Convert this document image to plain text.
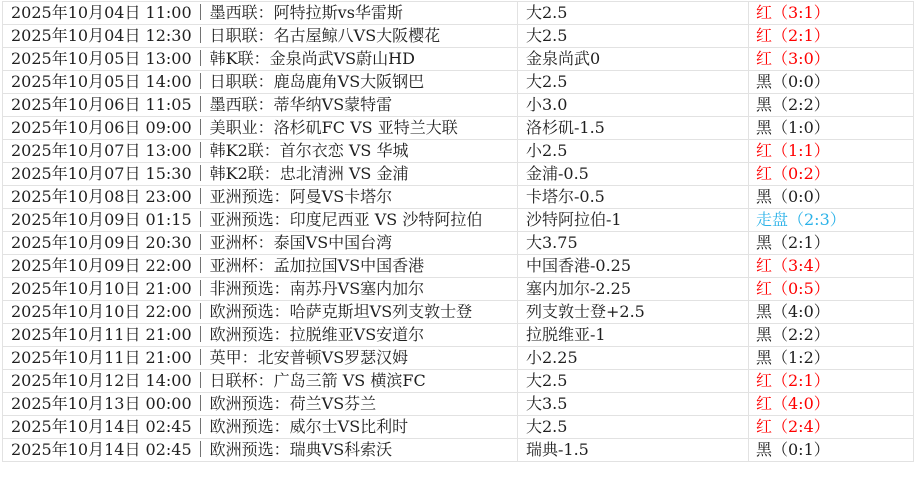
2025年10月04日 11:00｜墨西联：阿特拉斯vs华雷斯	大2.5	红（3:1）
2025年10月04日 12:30｜日职联：名古屋鲸八VS大阪樱花	大2.5	红（2:1）
2025年10月05日 13:00｜韩K联：金泉尚武VS蔚山HD	金泉尚武0	红（3:0）
2025年10月05日 14:00｜日职联：鹿岛鹿角VS大阪钢巴	大2.5	黑（0:0）
2025年10月06日 11:05｜墨西联：蒂华纳VS蒙特雷	小3.0	黑（2:2）
2025年10月06日 09:00｜美职业：洛杉矶FC VS 亚特兰大联	洛杉矶-1.5	黑（1:0）
2025年10月07日 13:00｜韩K2联：首尔衣恋 VS 华城	小2.5	红（1:1）
2025年10月07日 15:30｜韩K2联：忠北清洲 VS 金浦	金浦-0.5	红（0:2）
2025年10月08日 23:00｜亚洲预选：阿曼VS卡塔尔	卡塔尔-0.5	黑（0:0）
2025年10月09日 01:15｜亚洲预选：印度尼西亚 VS 沙特阿拉伯	沙特阿拉伯-1	走盘（2:3）
2025年10月09日 20:30｜亚洲杯：泰国VS中国台湾	大3.75	黑（2:1）
2025年10月09日 22:00｜亚洲杯：孟加拉国VS中国香港	中国香港-0.25	红（3:4）
2025年10月10日 21:00｜非洲预选：南苏丹VS塞内加尔	塞内加尔-2.25	红（0:5）
2025年10月10日 22:00｜欧洲预选：哈萨克斯坦VS列支敦士登	列支敦士登+2.5	黑（4:0）
2025年10月11日 21:00｜欧洲预选：拉脱维亚VS安道尔	拉脱维亚-1	黑（2:2）
2025年10月11日 21:00｜英甲：北安普顿VS罗瑟汉姆	小2.25	黑（1:2）
2025年10月12日 14:00｜日联杯：广岛三箭 VS 横滨FC	大2.5	红（2:1）
2025年10月13日 00:00｜欧洲预选：荷兰VS芬兰	大3.5	红（4:0）
2025年10月14日 02:45｜欧洲预选：威尔士VS比利时	大2.5	红（2:4）
2025年10月14日 02:45｜欧洲预选：瑞典VS科索沃	瑞典-1.5	黑（0:1）
